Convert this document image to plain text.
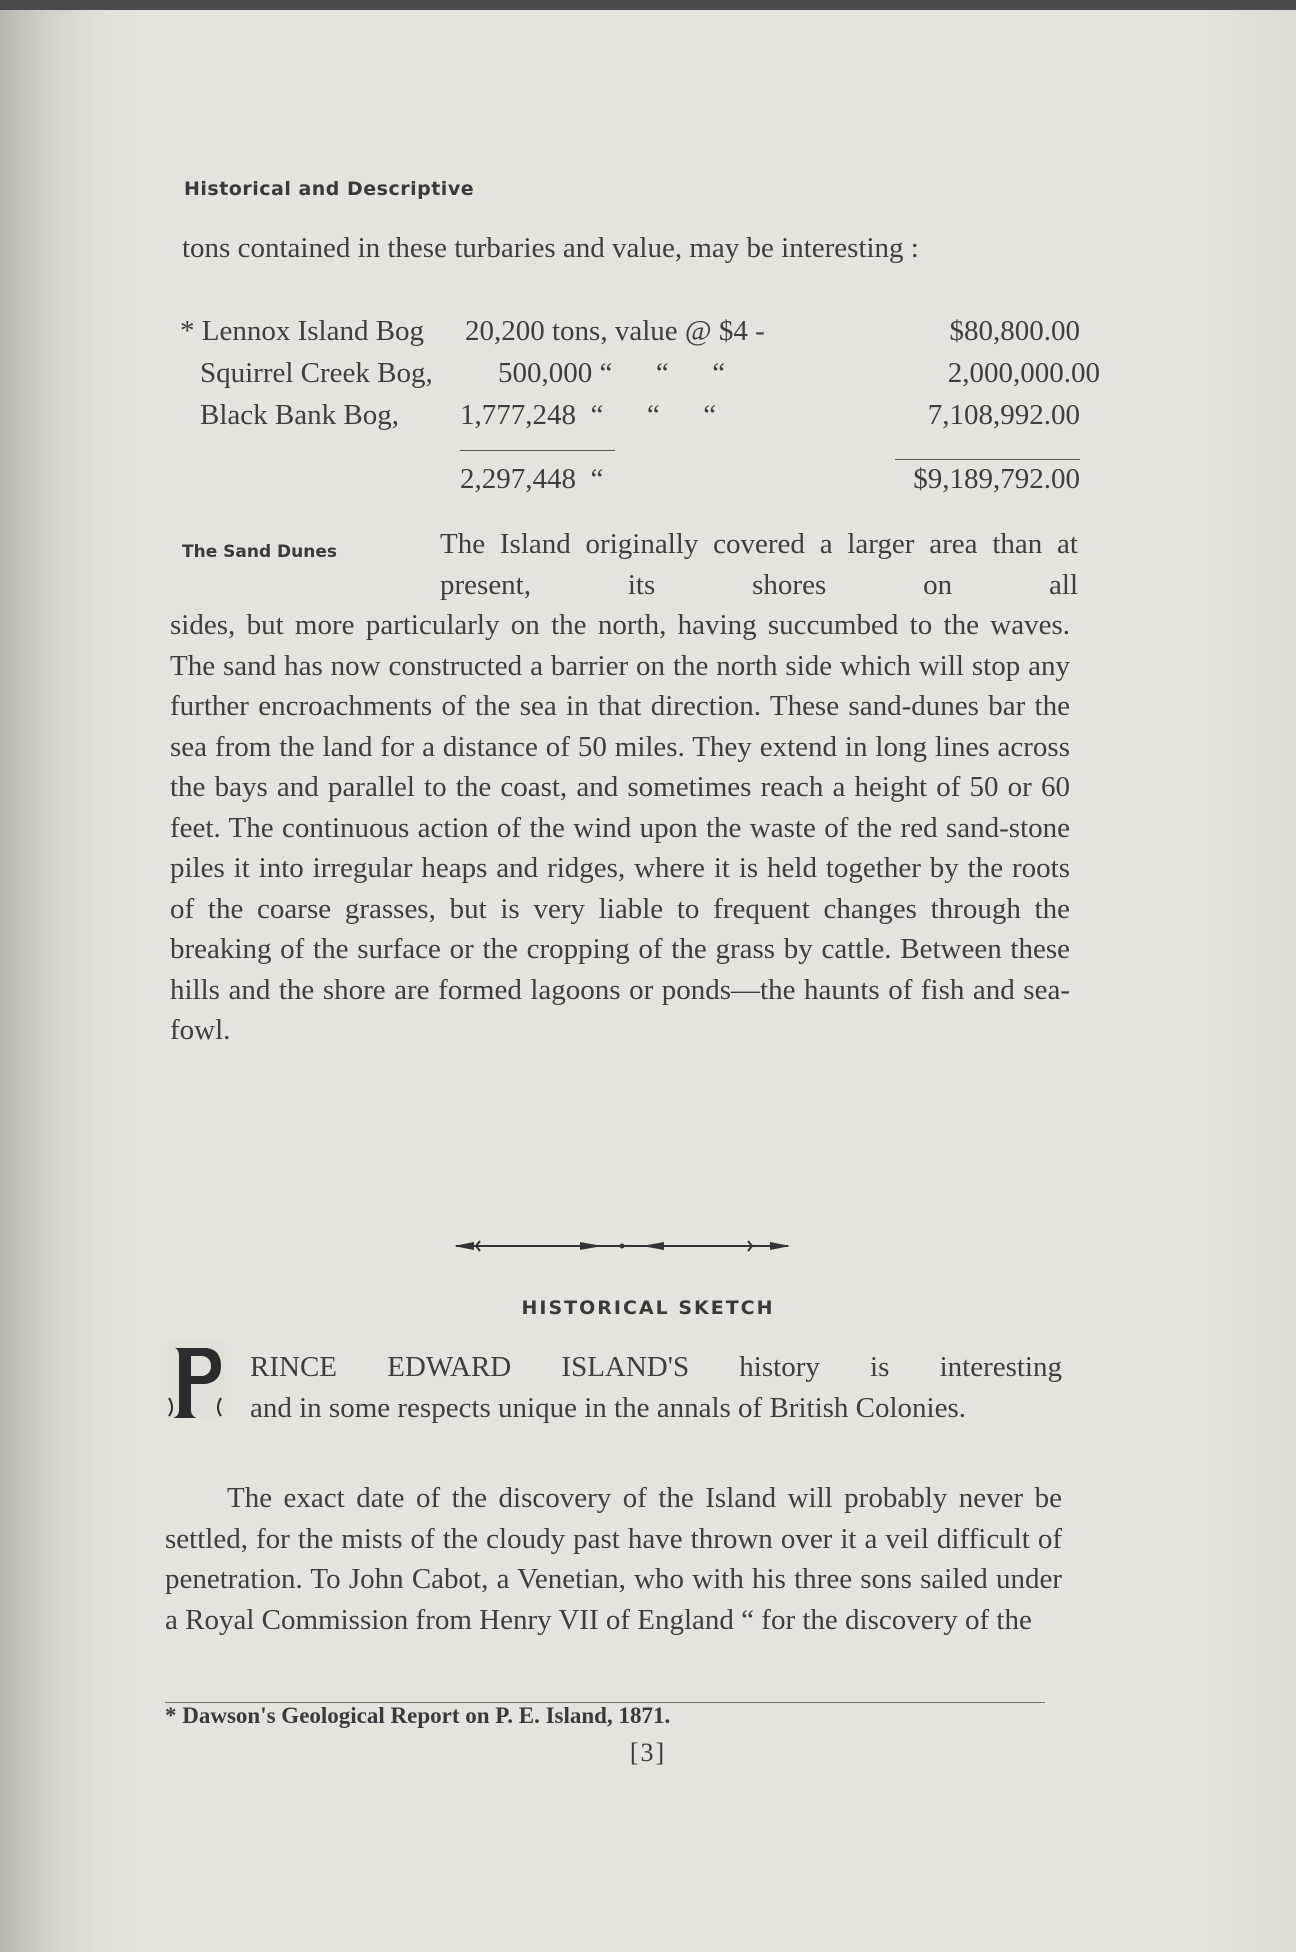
Historical and Descriptive
tons contained in these turbaries and value, may be interesting :
* Lennox Island Bog 20,200 tons, value @ $4 -	$80,800.00
Squirrel Creek Bog, 500,000 “      “      “	2,000,000.00
Black Bank Bog, 1,777,248  “      “      “	7,108,992.00
2,297,448  “	$9,189,792.00
The Sand Dunes	The Island originally covered a larger area than at present, its shores on all
sides, but more particularly on the north, having succumbed to the waves. The sand has now constructed a barrier on the north side which will stop any further encroachments of the sea in that direction. These sand-dunes bar the sea from the land for a distance of 50 miles. They extend in long lines across the bays and parallel to the coast, and sometimes reach a height of 50 or 60 feet. The continuous action of the wind upon the waste of the red sand-stone piles it into irregular heaps and ridges, where it is held together by the roots of the coarse grasses, but is very liable to frequent changes through the breaking of the surface or the cropping of the grass by cattle. Between these hills and the shore are formed lagoons or ponds—the haunts of fish and sea-fowl.
HISTORICAL SKETCH
RINCE EDWARD ISLAND'S history is interesting
and in some respects unique in the annals of British Colonies.
The exact date of the discovery of the Island will probably never be settled, for the mists of the cloudy past have thrown over it a veil difficult of penetration. To John Cabot, a Venetian, who with his three sons sailed under a Royal Commission from Henry VII of England “ for the discovery of the
* Dawson's Geological Report on P. E. Island, 1871.
[3]
